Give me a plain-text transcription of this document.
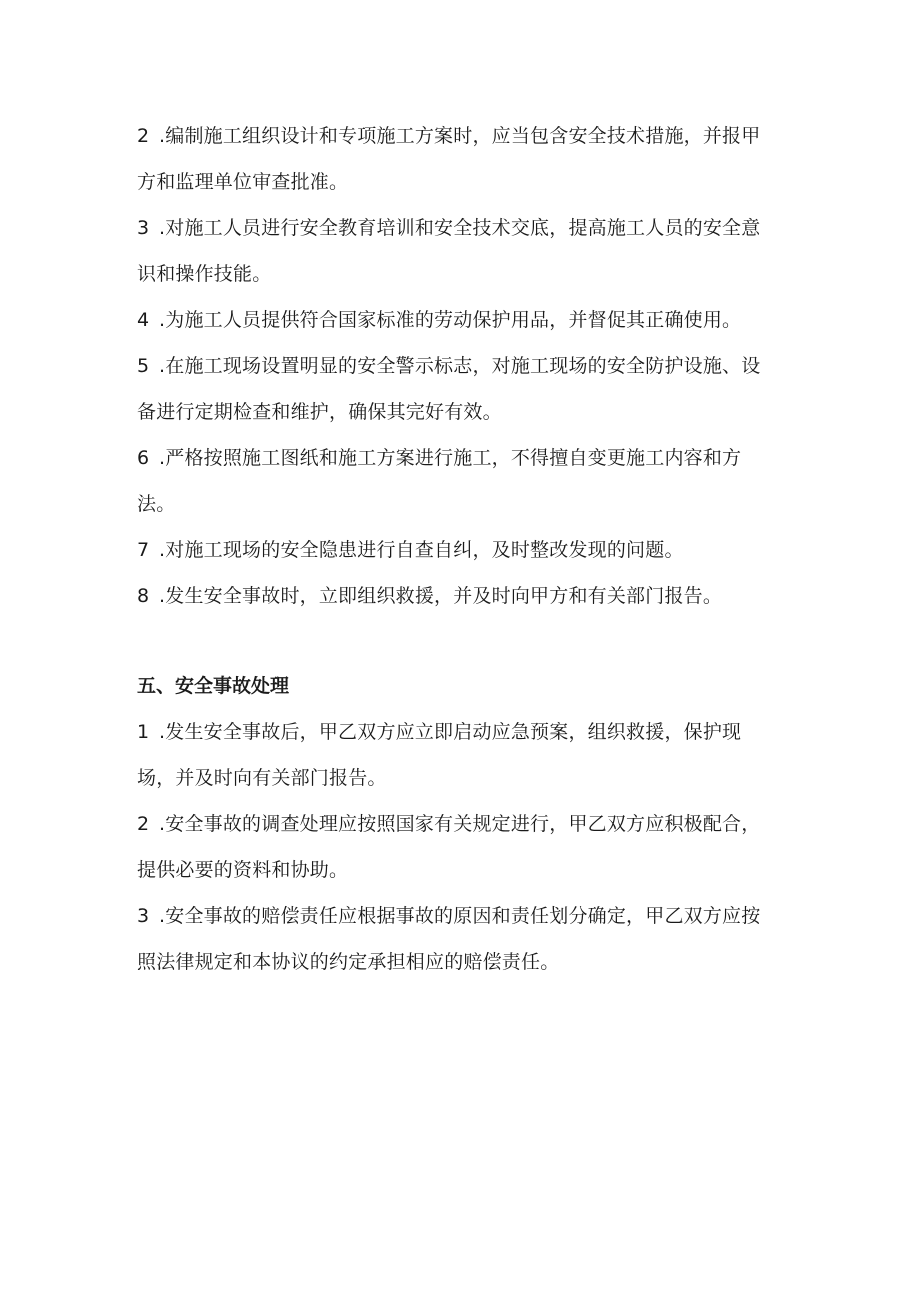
2 .编制施工组织设计和专项施工方案时，应当包含安全技术措施，并报甲方和监理单位审查批准。

3 .对施工人员进行安全教育培训和安全技术交底，提高施工人员的安全意识和操作技能。

4 .为施工人员提供符合国家标准的劳动保护用品，并督促其正确使用。

5 .在施工现场设置明显的安全警示标志，对施工现场的安全防护设施、设备进行定期检查和维护，确保其完好有效。

6 .严格按照施工图纸和施工方案进行施工，不得擅自变更施工内容和方法。

7 .对施工现场的安全隐患进行自查自纠，及时整改发现的问题。

8 .发生安全事故时，立即组织救援，并及时向甲方和有关部门报告。

五、安全事故处理

1 .发生安全事故后，甲乙双方应立即启动应急预案，组织救援，保护现场，并及时向有关部门报告。

2 .安全事故的调查处理应按照国家有关规定进行，甲乙双方应积极配合，提供必要的资料和协助。

3 .安全事故的赔偿责任应根据事故的原因和责任划分确定，甲乙双方应按照法律规定和本协议的约定承担相应的赔偿责任。
